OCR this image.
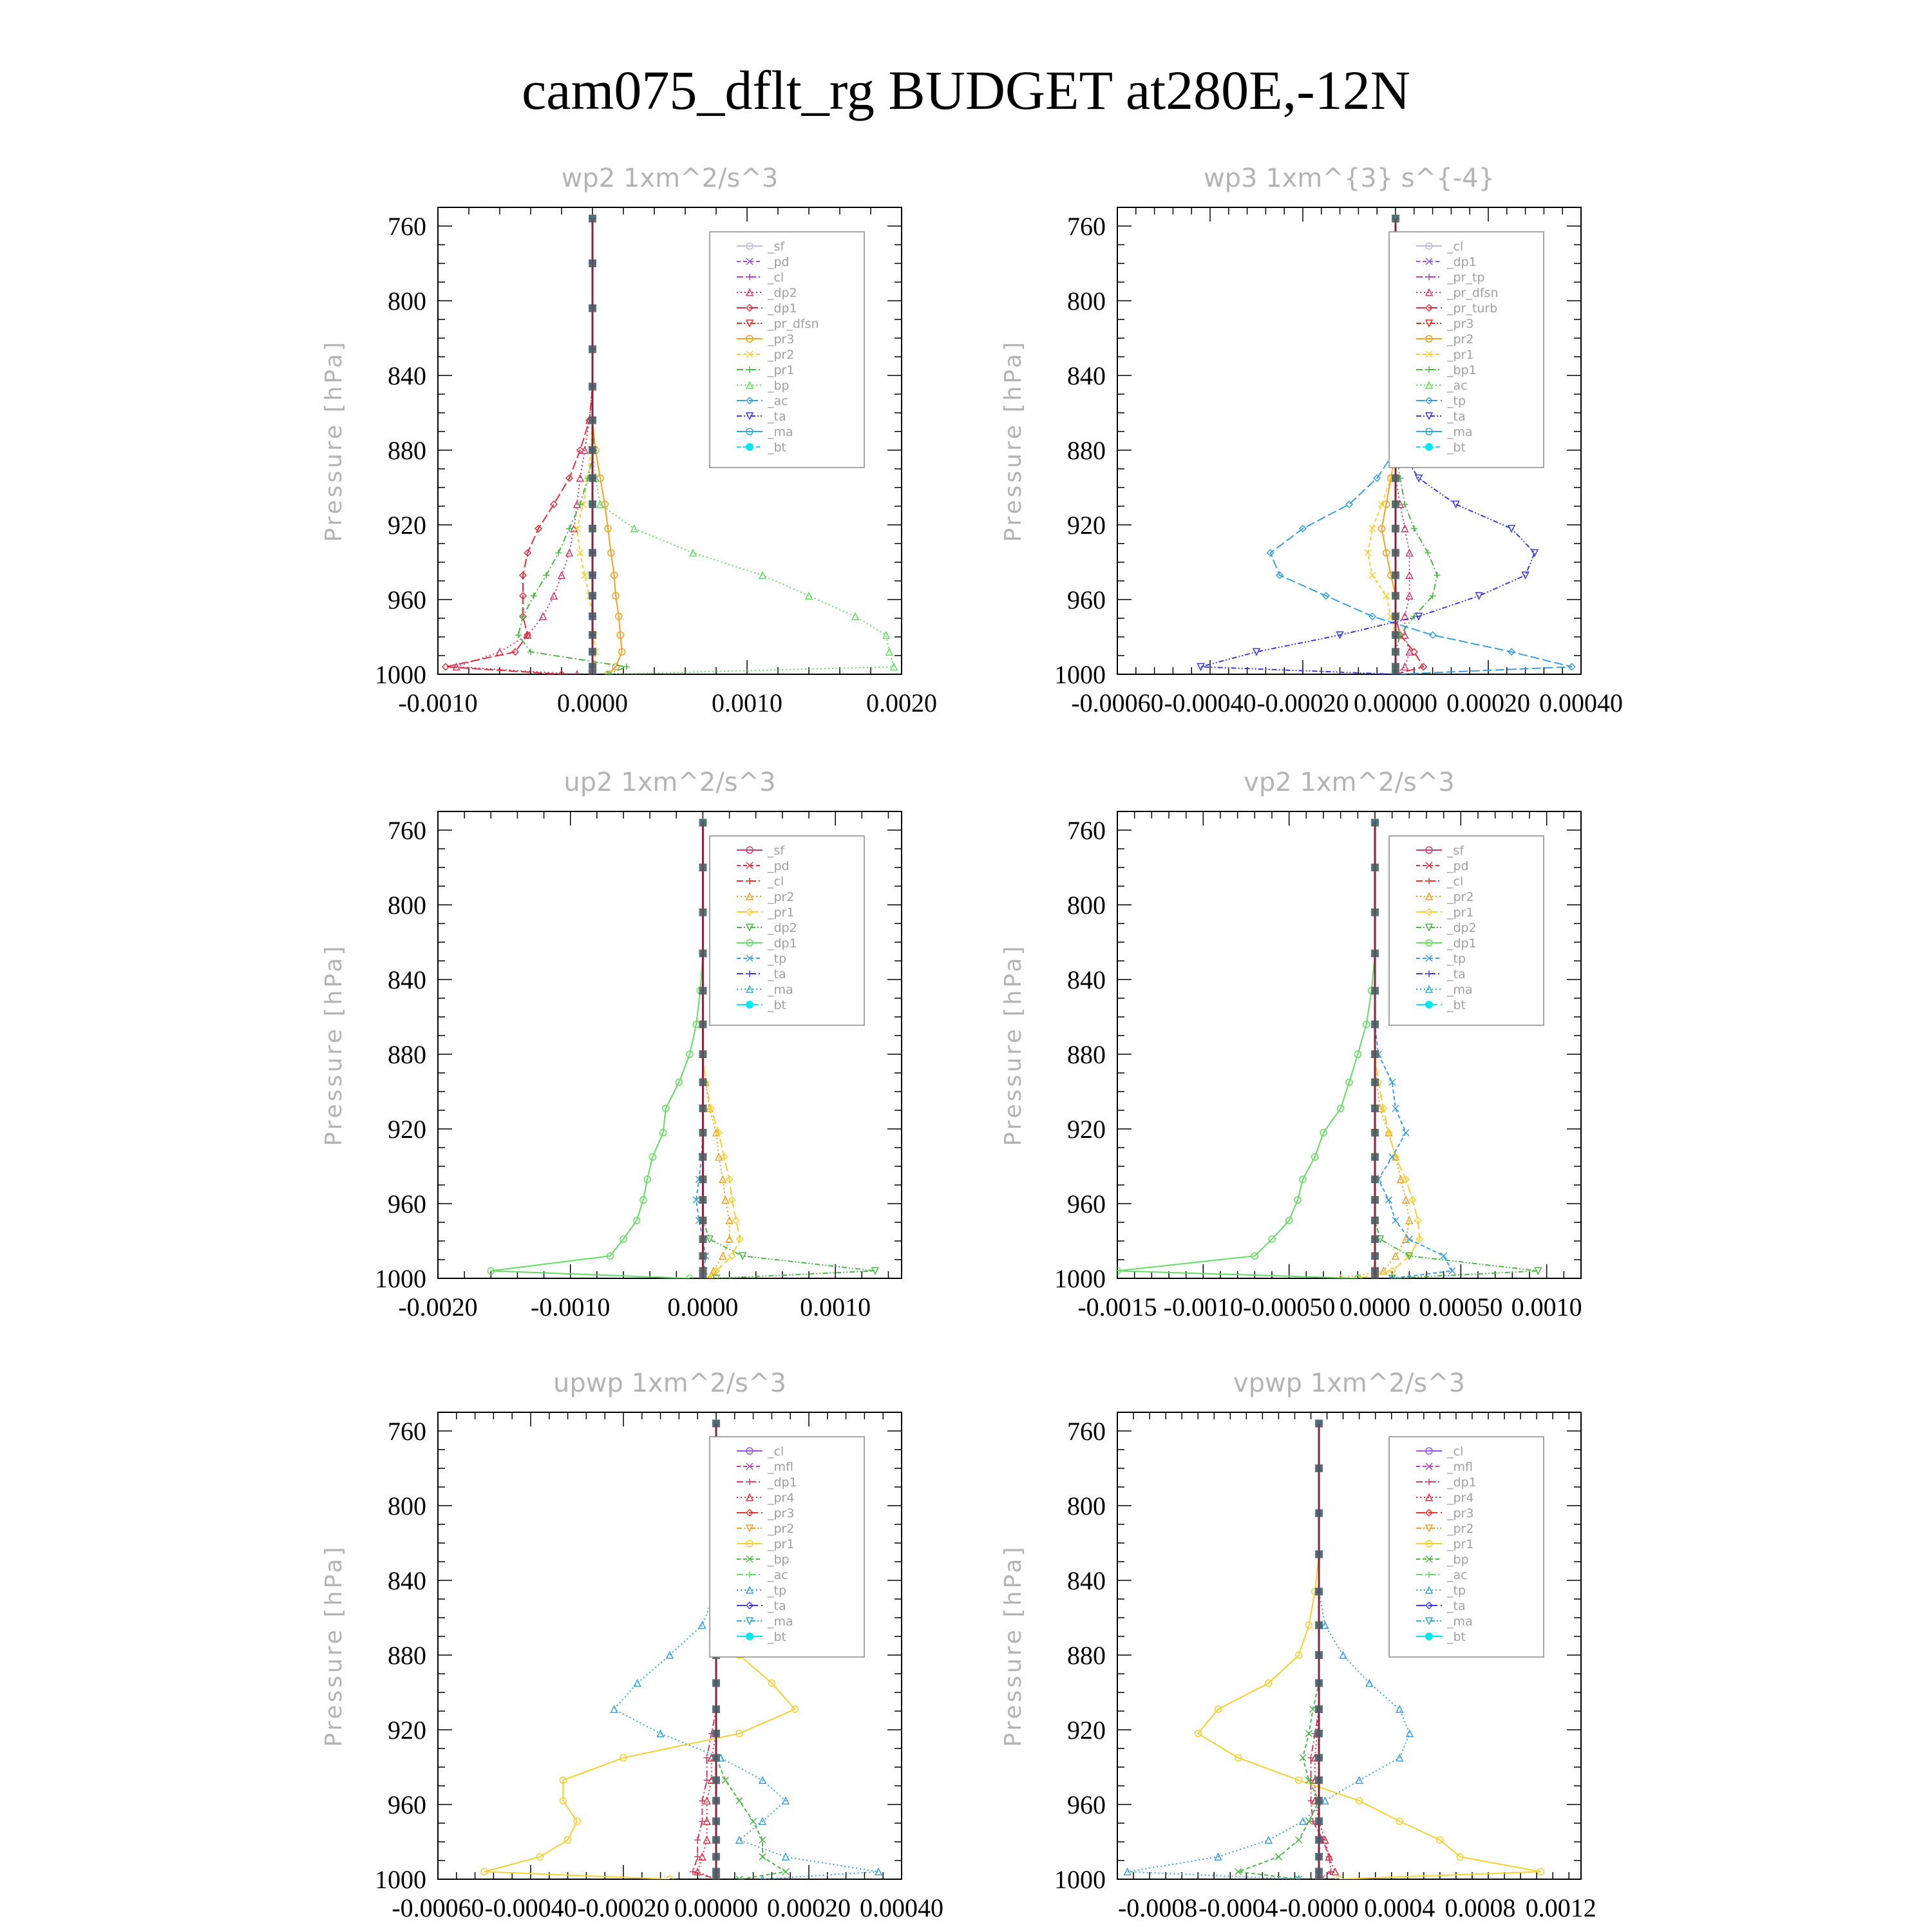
cam075_dflt_rg BUDGET at280E,-12N
wp2 1xm^2/s^3
Pressure [hPa]
760
800
840
880
920
960
1000
-0.0010	0.0000	0.0010	0.0020
_sf
_pd
_cl
_dp2
_dp1
_pr_dfsn
_pr3
_pr2
_pr1
_bp
_ac
_ta
_ma
_bt
wp3 1xm^{3} s^{-4}
Pressure [hPa]
760
800
840
880
920
960
1000
-0.00060 -0.00040 -0.00020 0.00000 0.00020 0.00040
_cl
_dp1
_pr_tp
_pr_dfsn
_pr_turb
_pr3
_pr2
_pr1
_bp1
_ac
_tp
_ta
_ma
_bt
up2 1xm^2/s^3
Pressure [hPa]
760
800
840
880
920
960
1000
-0.0020 -0.0010 0.0000 0.0010
_sf
_pd
_cl
_pr2
_pr1
_dp2
_dp1
_tp
_ta
_ma
_bt
vp2 1xm^2/s^3
Pressure [hPa]
760
800
840
880
920
960
1000
-0.0015 -0.0010 -0.00050 0.0000 0.00050 0.0010
_sf
_pd
_cl
_pr2
_pr1
_dp2
_dp1
_tp
_ta
_ma
_bt
upwp 1xm^2/s^3
Pressure [hPa]
760
800
840
880
920
960
1000
-0.00060 -0.00040 -0.00020 0.00000 0.00020 0.00040
_cl
_mfl
_dp1
_pr4
_pr3
_pr2
_pr1
_bp
_ac
_tp
_ta
_ma
_bt
vpwp 1xm^2/s^3
Pressure [hPa]
760
800
840
880
920
960
1000
-0.0008 -0.0004 -0.0000 0.0004 0.0008 0.0012
_cl
_mfl
_dp1
_pr4
_pr3
_pr2
_pr1
_bp
_ac
_tp
_ta
_ma
_bt
